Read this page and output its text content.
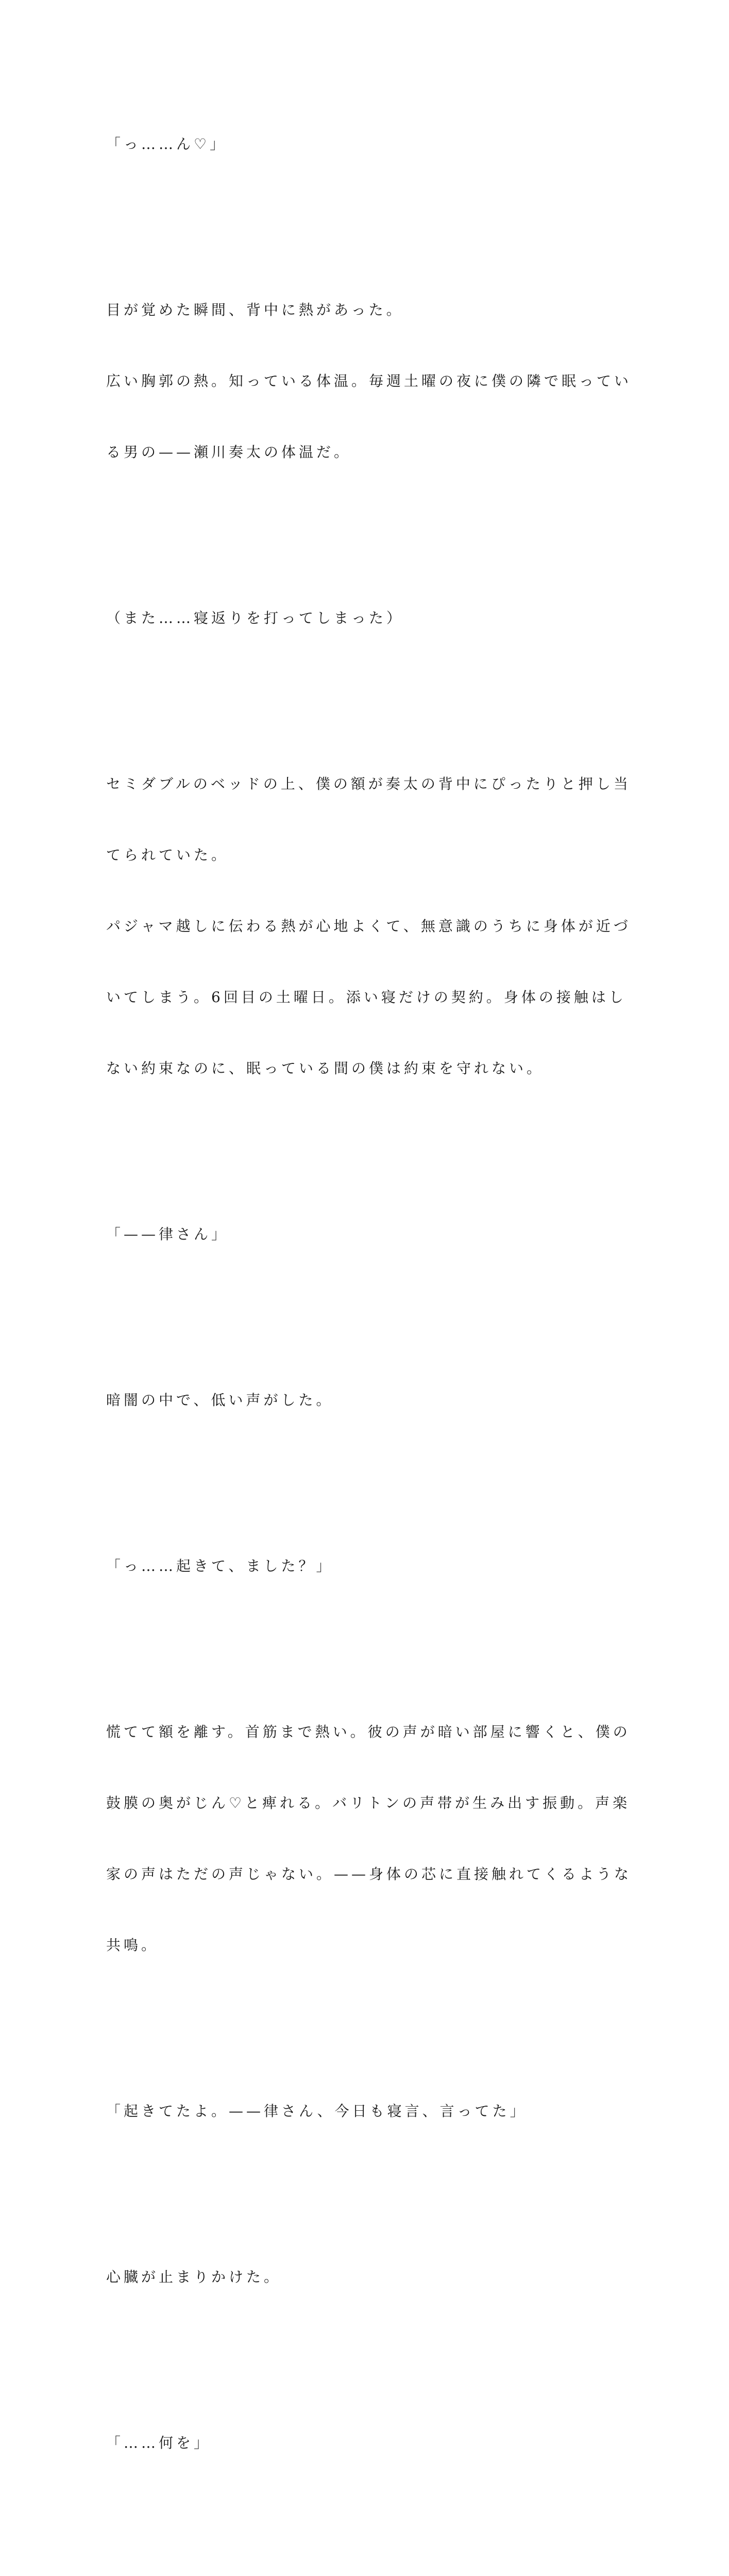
「っ……ん♡」

目が覚めた瞬間、背中に熱があった。

広い胸郭の熱。知っている体温。毎週土曜の夜に僕の隣で眠ってい

る男の——瀬川奏太の体温だ。

（また……寝返りを打ってしまった）

セミダブルのベッドの上、僕の額が奏太の背中にぴったりと押し当

てられていた。

パジャマ越しに伝わる熱が心地よくて、無意識のうちに身体が近づ

いてしまう。6回目の土曜日。添い寝だけの契約。身体の接触はし

ない約束なのに、眠っている間の僕は約束を守れない。

「——律さん」

暗闇の中で、低い声がした。

「っ……起きて、ました？」

慌てて額を離す。首筋まで熱い。彼の声が暗い部屋に響くと、僕の

鼓膜の奥がじん♡と痺れる。バリトンの声帯が生み出す振動。声楽

家の声はただの声じゃない。——身体の芯に直接触れてくるような

共鳴。

「起きてたよ。——律さん、今日も寝言、言ってた」

心臓が止まりかけた。

「……何を」
